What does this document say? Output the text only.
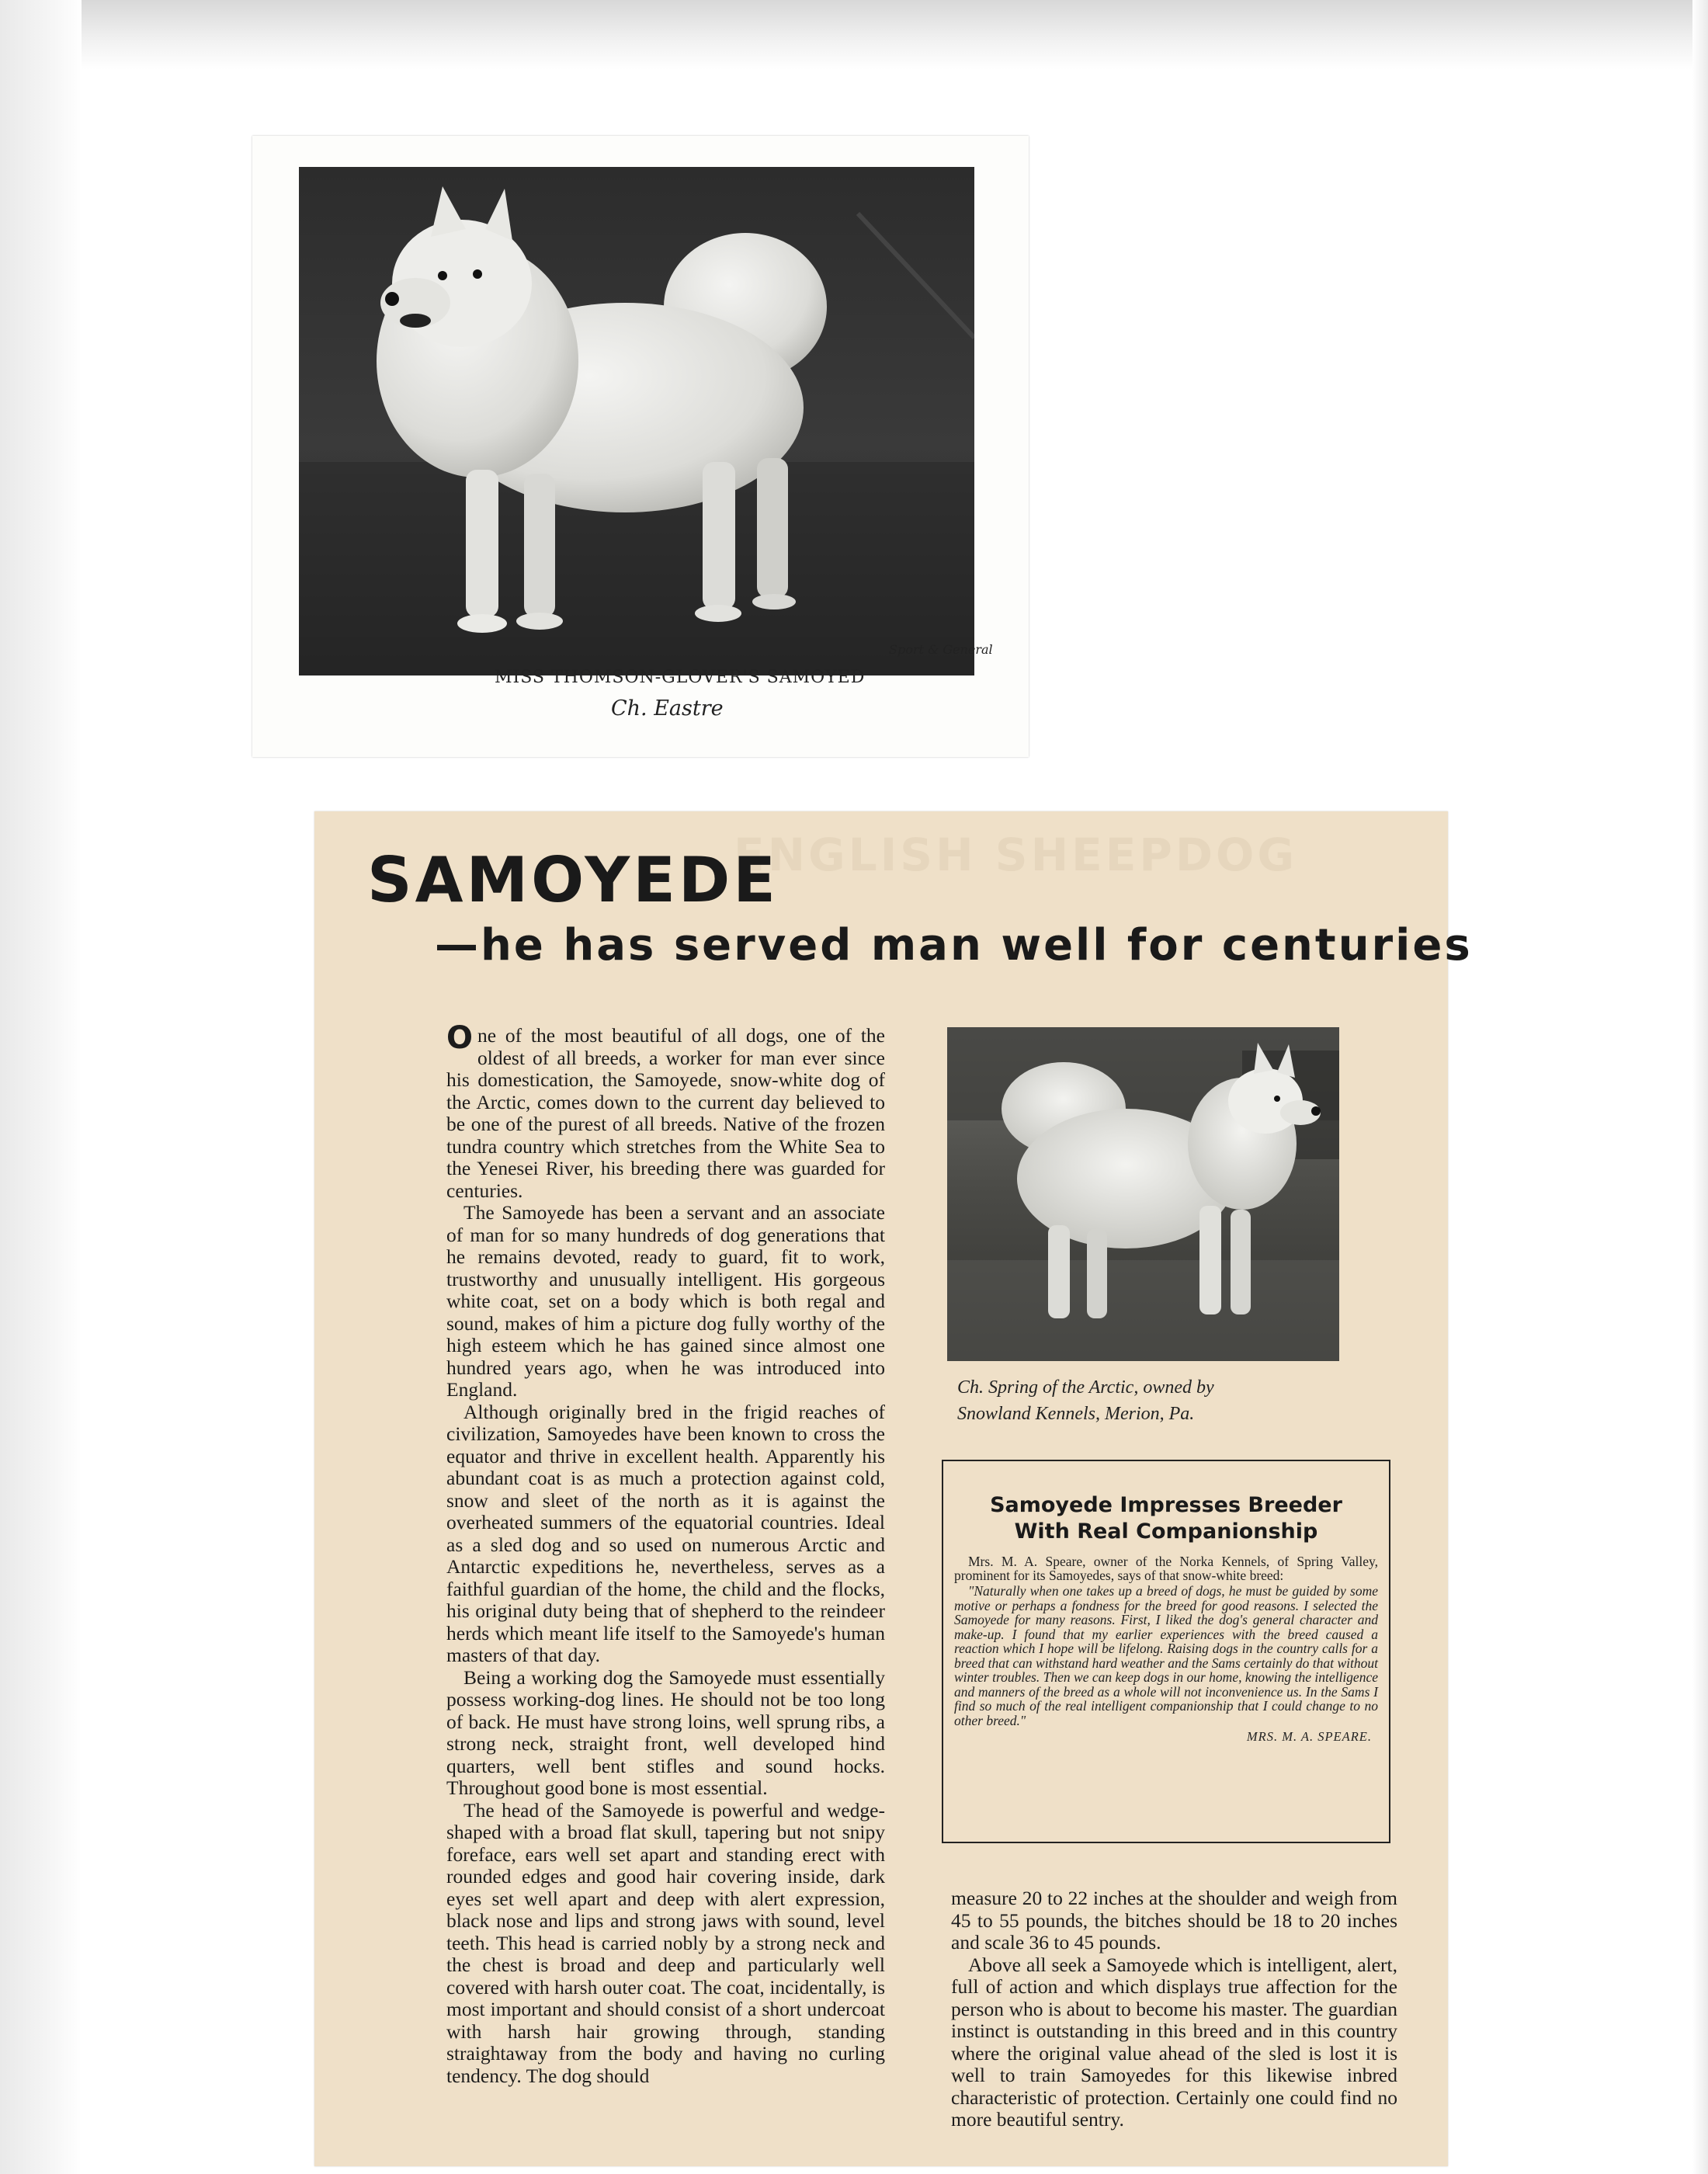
Sport & General
MISS THOMSON-GLOVER'S SAMOYED
Ch. Eastre
ENGLISH SHEEPDOG
SAMOYEDE
—he has served man well for centuries

One of the most beautiful of all dogs, one of the oldest of all breeds, a worker for man ever since his domestication, the Samoyede, snow-white dog of the Arctic, comes down to the current day believed to be one of the purest of all breeds. Native of the frozen tundra country which stretches from the White Sea to the Yenesei River, his breeding there was guarded for centuries.

The Samoyede has been a servant and an associate of man for so many hundreds of dog generations that he remains devoted, ready to guard, fit to work, trustworthy and unusually intelligent. His gorgeous white coat, set on a body which is both regal and sound, makes of him a picture dog fully worthy of the high esteem which he has gained since almost one hundred years ago, when he was introduced into England.

Although originally bred in the frigid reaches of civilization, Samoyedes have been known to cross the equator and thrive in excellent health. Apparently his abundant coat is as much a protection against cold, snow and sleet of the north as it is against the overheated summers of the equatorial countries. Ideal as a sled dog and so used on numerous Arctic and Antarctic expeditions he, nevertheless, serves as a faithful guardian of the home, the child and the flocks, his original duty being that of shepherd to the reindeer herds which meant life itself to the Samoyede's human masters of that day.

Being a working dog the Samoyede must essentially possess working-dog lines. He should not be too long of back. He must have strong loins, well sprung ribs, a strong neck, straight front, well developed hind quarters, well bent stifles and sound hocks. Throughout good bone is most essential.

The head of the Samoyede is powerful and wedge-shaped with a broad flat skull, tapering but not snipy foreface, ears well set apart and standing erect with rounded edges and good hair covering inside, dark eyes set well apart and deep with alert expression, black nose and lips and strong jaws with sound, level teeth. This head is carried nobly by a strong neck and the chest is broad and deep and particularly well covered with harsh outer coat. The coat, incidentally, is most important and should consist of a short undercoat with harsh hair growing through, standing straightaway from the body and having no curling tendency. The dog should

Ch. Spring of the Arctic, owned by
Snowland Kennels, Merion, Pa.
Samoyede Impresses Breeder
With Real Companionship

Mrs. M. A. Speare, owner of the Norka Kennels, of Spring Valley, prominent for its Samoyedes, says of that snow-white breed:

"Naturally when one takes up a breed of dogs, he must be guided by some motive or perhaps a fondness for the breed for good reasons. I selected the Samoyede for many reasons. First, I liked the dog's general character and make-up. I found that my earlier experiences with the breed caused a reaction which I hope will be lifelong. Raising dogs in the country calls for a breed that can withstand hard weather and the Sams certainly do that without winter troubles. Then we can keep dogs in our home, knowing the intelligence and manners of the breed as a whole will not inconvenience us. In the Sams I find so much of the real intelligent companionship that I could change to no other breed."

MRS. M. A. SPEARE.

measure 20 to 22 inches at the shoulder and weigh from 45 to 55 pounds, the bitches should be 18 to 20 inches and scale 36 to 45 pounds.

Above all seek a Samoyede which is intelligent, alert, full of action and which displays true affection for the person who is about to become his master. The guardian instinct is outstanding in this breed and in this country where the original value ahead of the sled is lost it is well to train Samoyedes for this likewise inbred characteristic of protection. Certainly one could find no more beautiful sentry.
